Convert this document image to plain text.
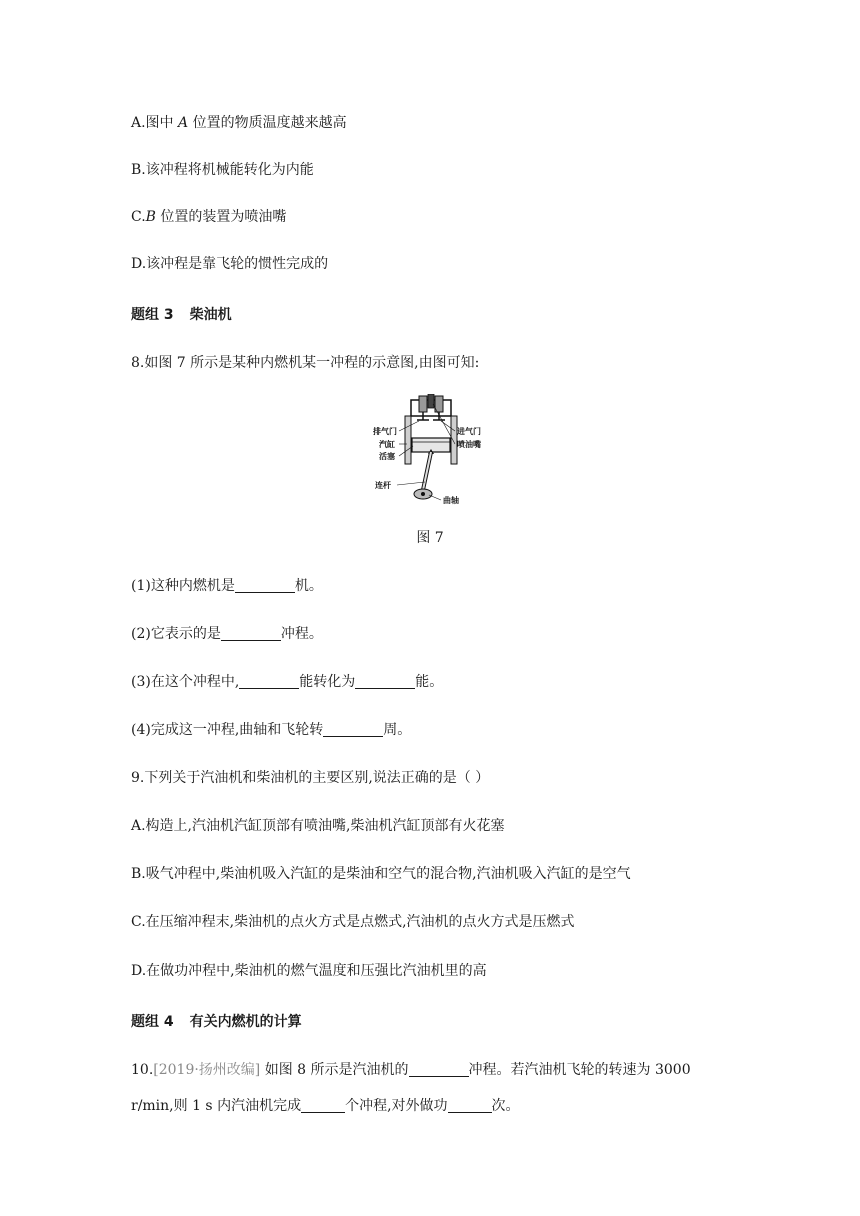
A.图中 A 位置的物质温度越来越高
B.该冲程将机械能转化为内能
C.B 位置的装置为喷油嘴
D.该冲程是靠飞轮的惯性完成的
题组 3 柴油机
8.如图 7 所示是某种内燃机某一冲程的示意图,由图可知:
排气门	进气门
汽缸	喷油嘴
活塞
连杆
曲轴
图 7
(1)这种内燃机是	机。
(2)它表示的是	冲程。
(3)在这个冲程中,	能转化为	能。
(4)完成这一冲程,曲轴和飞轮转	周。
9.下列关于汽油机和柴油机的主要区别,说法正确的是（ ）
A.构造上,汽油机汽缸顶部有喷油嘴,柴油机汽缸顶部有火花塞
B.吸气冲程中,柴油机吸入汽缸的是柴油和空气的混合物,汽油机吸入汽缸的是空气
C.在压缩冲程末,柴油机的点火方式是点燃式,汽油机的点火方式是压燃式
D.在做功冲程中,柴油机的燃气温度和压强比汽油机里的高
题组 4 有关内燃机的计算
10.[2019·扬州改编] 如图 8 所示是汽油机的	冲程。若汽油机飞轮的转速为 3000
r/min,则 1 s 内汽油机完成	个冲程,对外做功	次。
